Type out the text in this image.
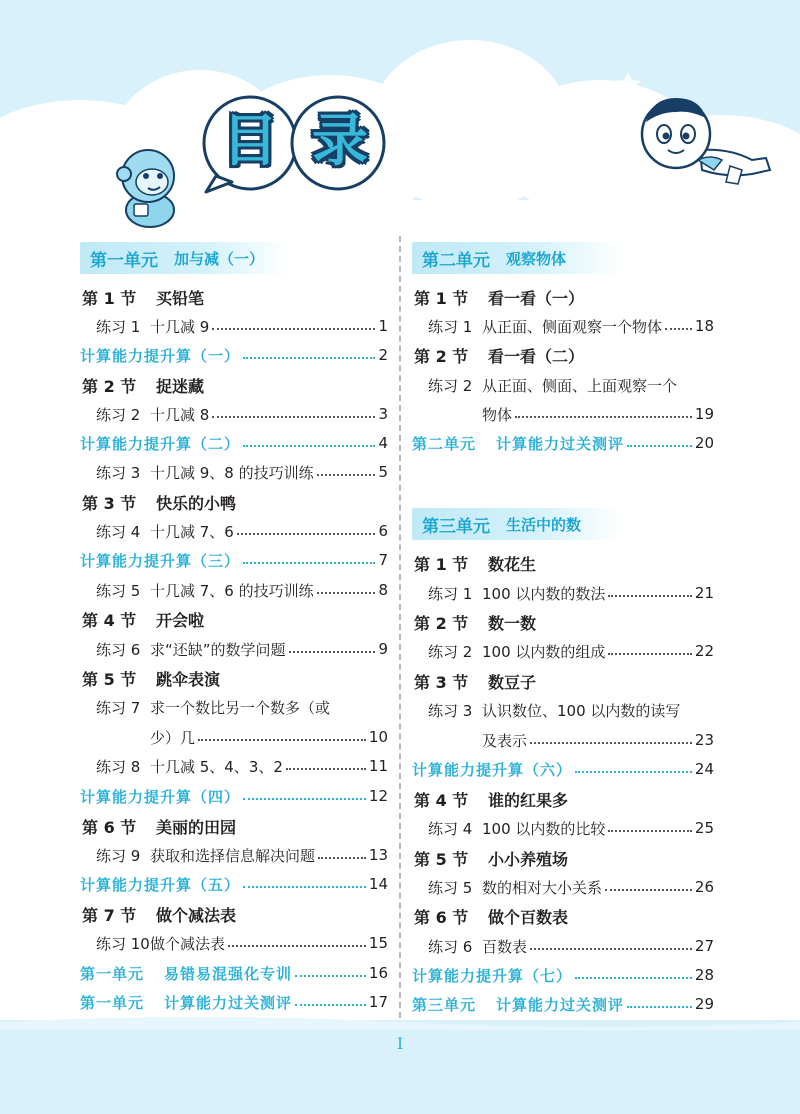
目 录
第一单元 加与减（一）
第 1 节	买铅笔
练习 1 十几减 9	1
计算能力提升算（一）	2
第 2 节	捉迷藏
练习 2 十几减 8	3
计算能力提升算（二）	4
练习 3 十几减 9、8 的技巧训练	5
第 3 节	快乐的小鸭
练习 4 十几减 7、6	6
计算能力提升算（三）	7
练习 5 十几减 7、6 的技巧训练	8
第 4 节	开会啦
练习 6 求“还缺”的数学问题	9
第 5 节	跳伞表演
练习 7 求一个数比另一个数多（或
少）几	10
练习 8 十几减 5、4、3、2	11
计算能力提升算（四）	12
第 6 节	美丽的田园
练习 9 获取和选择信息解决问题	13
计算能力提升算（五）	14
第 7 节	做个减法表
练习 10 做个减法表	15
第一单元 易错易混强化专训	16
第一单元 计算能力过关测评	17
第二单元 观察物体
第 1 节	看一看（一）
练习 1 从正面、侧面观察一个物体 18
第 2 节	看一看（二）
练习 2 从正面、侧面、上面观察一个
物体	19
第二单元 计算能力过关测评	20
第三单元 生活中的数
第 1 节	数花生
练习 1 100 以内数的数法	21
第 2 节	数一数
练习 2 100 以内数的组成	22
第 3 节	数豆子
练习 3 认识数位、100 以内数的读写
及表示	23
计算能力提升算（六）	24
第 4 节	谁的红果多
练习 4 100 以内数的比较	25
第 5 节	小小养殖场
练习 5 数的相对大小关系	26
第 6 节	做个百数表
练习 6 百数表	27
计算能力提升算（七）	28
第三单元 计算能力过关测评	29
I
